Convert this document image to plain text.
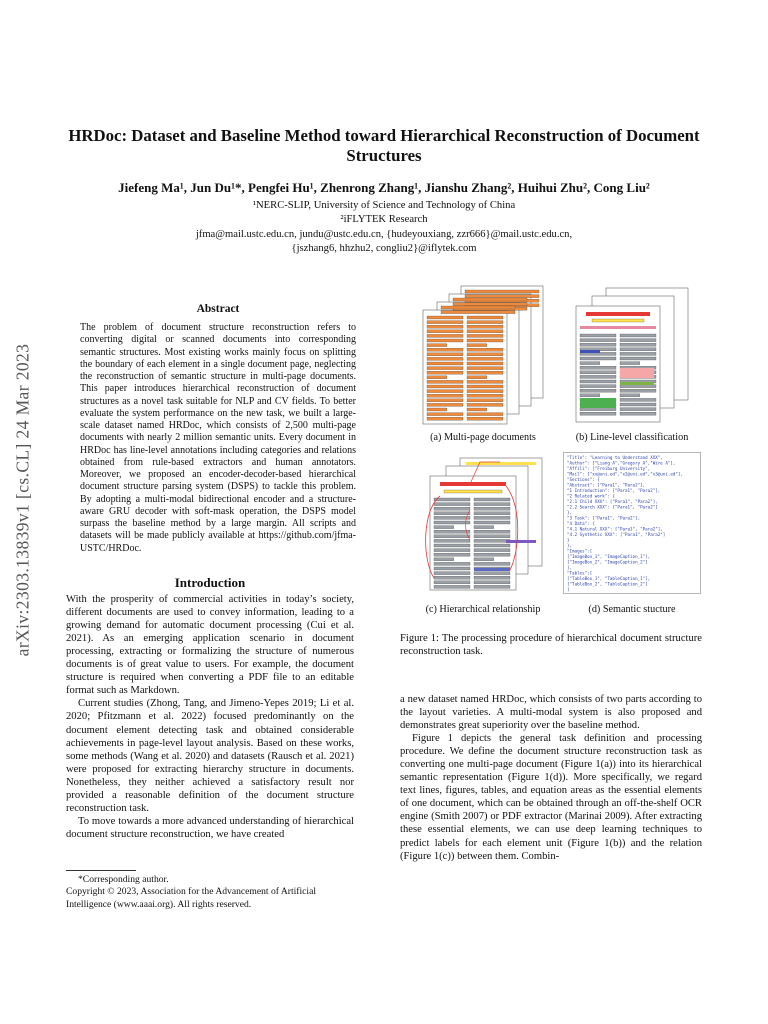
arXiv:2303.13839v1 [cs.CL] 24 Mar 2023
HRDoc: Dataset and Baseline Method toward Hierarchical Reconstruction of Document Structures
Jiefeng Ma¹, Jun Du¹*, Pengfei Hu¹, Zhenrong Zhang¹, Jianshu Zhang², Huihui Zhu², Cong Liu²
¹NERC-SLIP, University of Science and Technology of China
²iFLYTEK Research
jfma@mail.ustc.edu.cn, jundu@ustc.edu.cn, {hudeyouxiang, zzr666}@mail.ustc.edu.cn,
{jszhang6, hhzhu2, congliu2}@iflytek.com

Abstract

The problem of document structure reconstruction refers to converting digital or scanned documents into corresponding semantic structures. Most existing works mainly focus on splitting the boundary of each element in a single document page, neglecting the reconstruction of semantic structure in multi-page documents. This paper introduces hierarchical reconstruction of document structures as a novel task suitable for NLP and CV fields. To better evaluate the system performance on the new task, we built a large-scale dataset named HRDoc, which consists of 2,500 multi-page documents with nearly 2 million semantic units. Every document in HRDoc has line-level annotations including categories and relations obtained from rule-based extractors and human annotators. Moreover, we proposed an encoder-decoder-based hierarchical document structure parsing system (DSPS) to tackle this problem. By adopting a multi-modal bidirectional encoder and a structure-aware GRU decoder with soft-mask operation, the DSPS model surpass the baseline method by a large margin. All scripts and datasets will be made publicly available at https://github.com/jfma-USTC/HRDoc.

Introduction

With the prosperity of commercial activities in today’s society, different documents are used to convey information, leading to a growing demand for automatic document processing (Cui et al. 2021). As an emerging application scenario in document processing, extracting or formalizing the structure of numerous documents is of great value to users. For example, the document structure is required when converting a PDF file to an editable format such as Markdown.

Current studies (Zhong, Tang, and Jimeno-Yepes 2019; Li et al. 2020; Pfitzmann et al. 2022) focused predominantly on the document element detecting task and obtained considerable achievements in page-level layout analysis. Based on these works, some methods (Wang et al. 2020) and datasets (Rausch et al. 2021) were proposed for extracting hierarchy structure in documents. Nonetheless, they neither achieved a satisfactory result nor provided a reasonable definition of the document structure reconstruction task.

To move towards a more advanced understanding of hierarchical document structure reconstruction, we have created

*Corresponding author.
Copyright © 2023, Association for the Advancement of Artificial Intelligence (www.aaai.org). All rights reserved.
"Title": "Learning to Understand XXX",
"Author": ["Liang A","Gregory A","Wire A"],
"Affili": ["Freiburg University",
"Mail": ["xx@uni.ed","x2@uni.ed","x3@uni.ed"],
"Sections": {
"Abstract": ["Para1", "Para2"],
"1 Introduction": ["Para1", "Para2"],
"2 Related work": {
"2.1 Child XXX": ["Para1", "Para2"],
"2.2 Search XXX": ["Para1", "Para2"]
},
"3 Task": ["Para1", "Para2"],
"4 Data": {
"4.1 Natural XXX": ["Para1", "Para2"],
"4.2 Synthetic XXX": ["Para1", "Para2"]
}
},
"Images":[
["ImageBox_1", "ImageCaption_1"],
["ImageBox_2", "ImageCaption_2"]
],
"Tables":[
["TableBox_1", "TableCaption_1"],
["TableBox_2", "TableCaption_2"]
]
(a) Multi-page documents	(b) Line-level classification
(c) Hierarchical relationship	(d) Semantic stucture

Figure 1: The processing procedure of hierarchical document structure reconstruction task.

a new dataset named HRDoc, which consists of two parts according to the layout varieties. A multi-modal system is also proposed and demonstrates great superiority over the baseline method.

Figure 1 depicts the general task definition and processing procedure. We define the document structure reconstruction task as converting one multi-page document (Figure 1(a)) into its hierarchical semantic representation (Figure 1(d)). More specifically, we regard text lines, figures, tables, and equation areas as the essential elements of one document, which can be obtained through an off-the-shelf OCR engine (Smith 2007) or PDF extractor (Marinai 2009). After extracting these essential elements, we can use deep learning techniques to predict labels for each element unit (Figure 1(b)) and the relation (Figure 1(c)) between them. Combin-
